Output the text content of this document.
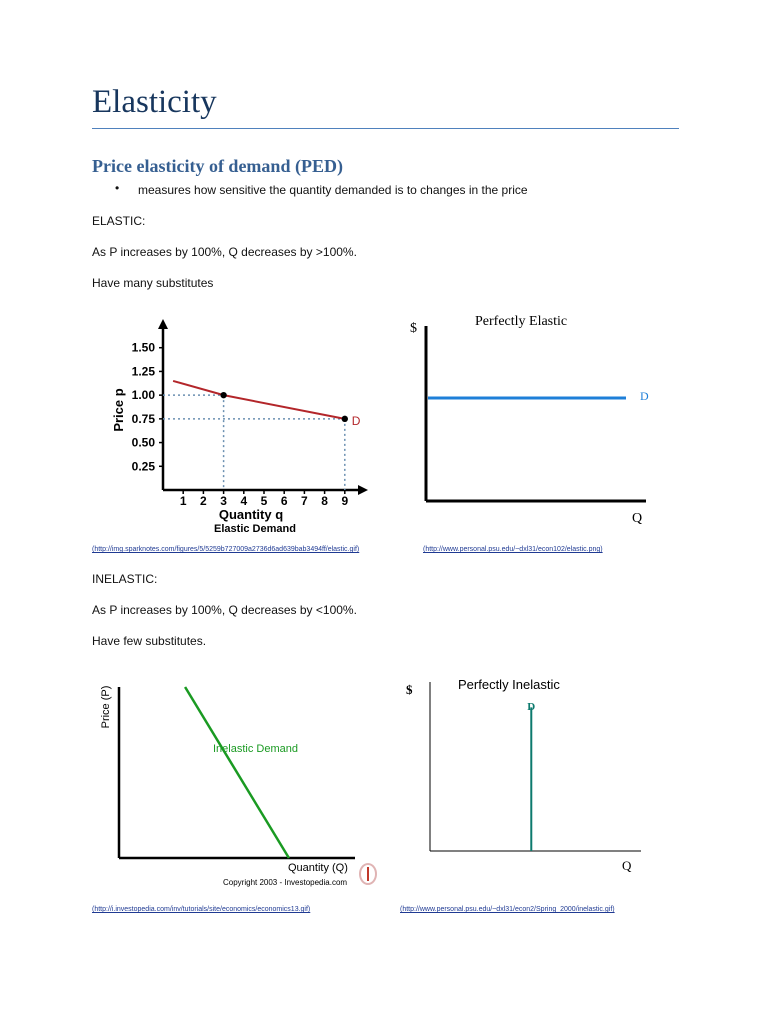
Elasticity
Price elasticity of demand (PED)
• measures how sensitive the quantity demanded is to changes in the price
ELASTIC:
As P increases by 100%, Q decreases by >100%.
Have many substitutes
0.25
0.50
0.75
1.00
1.25
1.50
1 2 3 4 5 6 7 8 9
Price p
Quantity q
Elastic Demand
D
$	Perfectly Elastic
Q
D
(http://img.sparknotes.com/figures/5/5259b727009a2736d6ad639bab3494ff/elastic.gif)	(http://www.personal.psu.edu/~dxl31/econ102/elastic.png)
INELASTIC:
As P increases by 100%, Q decreases by <100%.
Have few substitutes.
Price (P)
Quantity (Q)
Copyright 2003 - Investopedia.com
Inelastic Demand
$	Perfectly Inelastic
Q
D
(http://i.investopedia.com/inv/tutorials/site/economics/economics13.gif)	(http://www.personal.psu.edu/~dxl31/econ2/Spring_2000/inelastic.gif)
